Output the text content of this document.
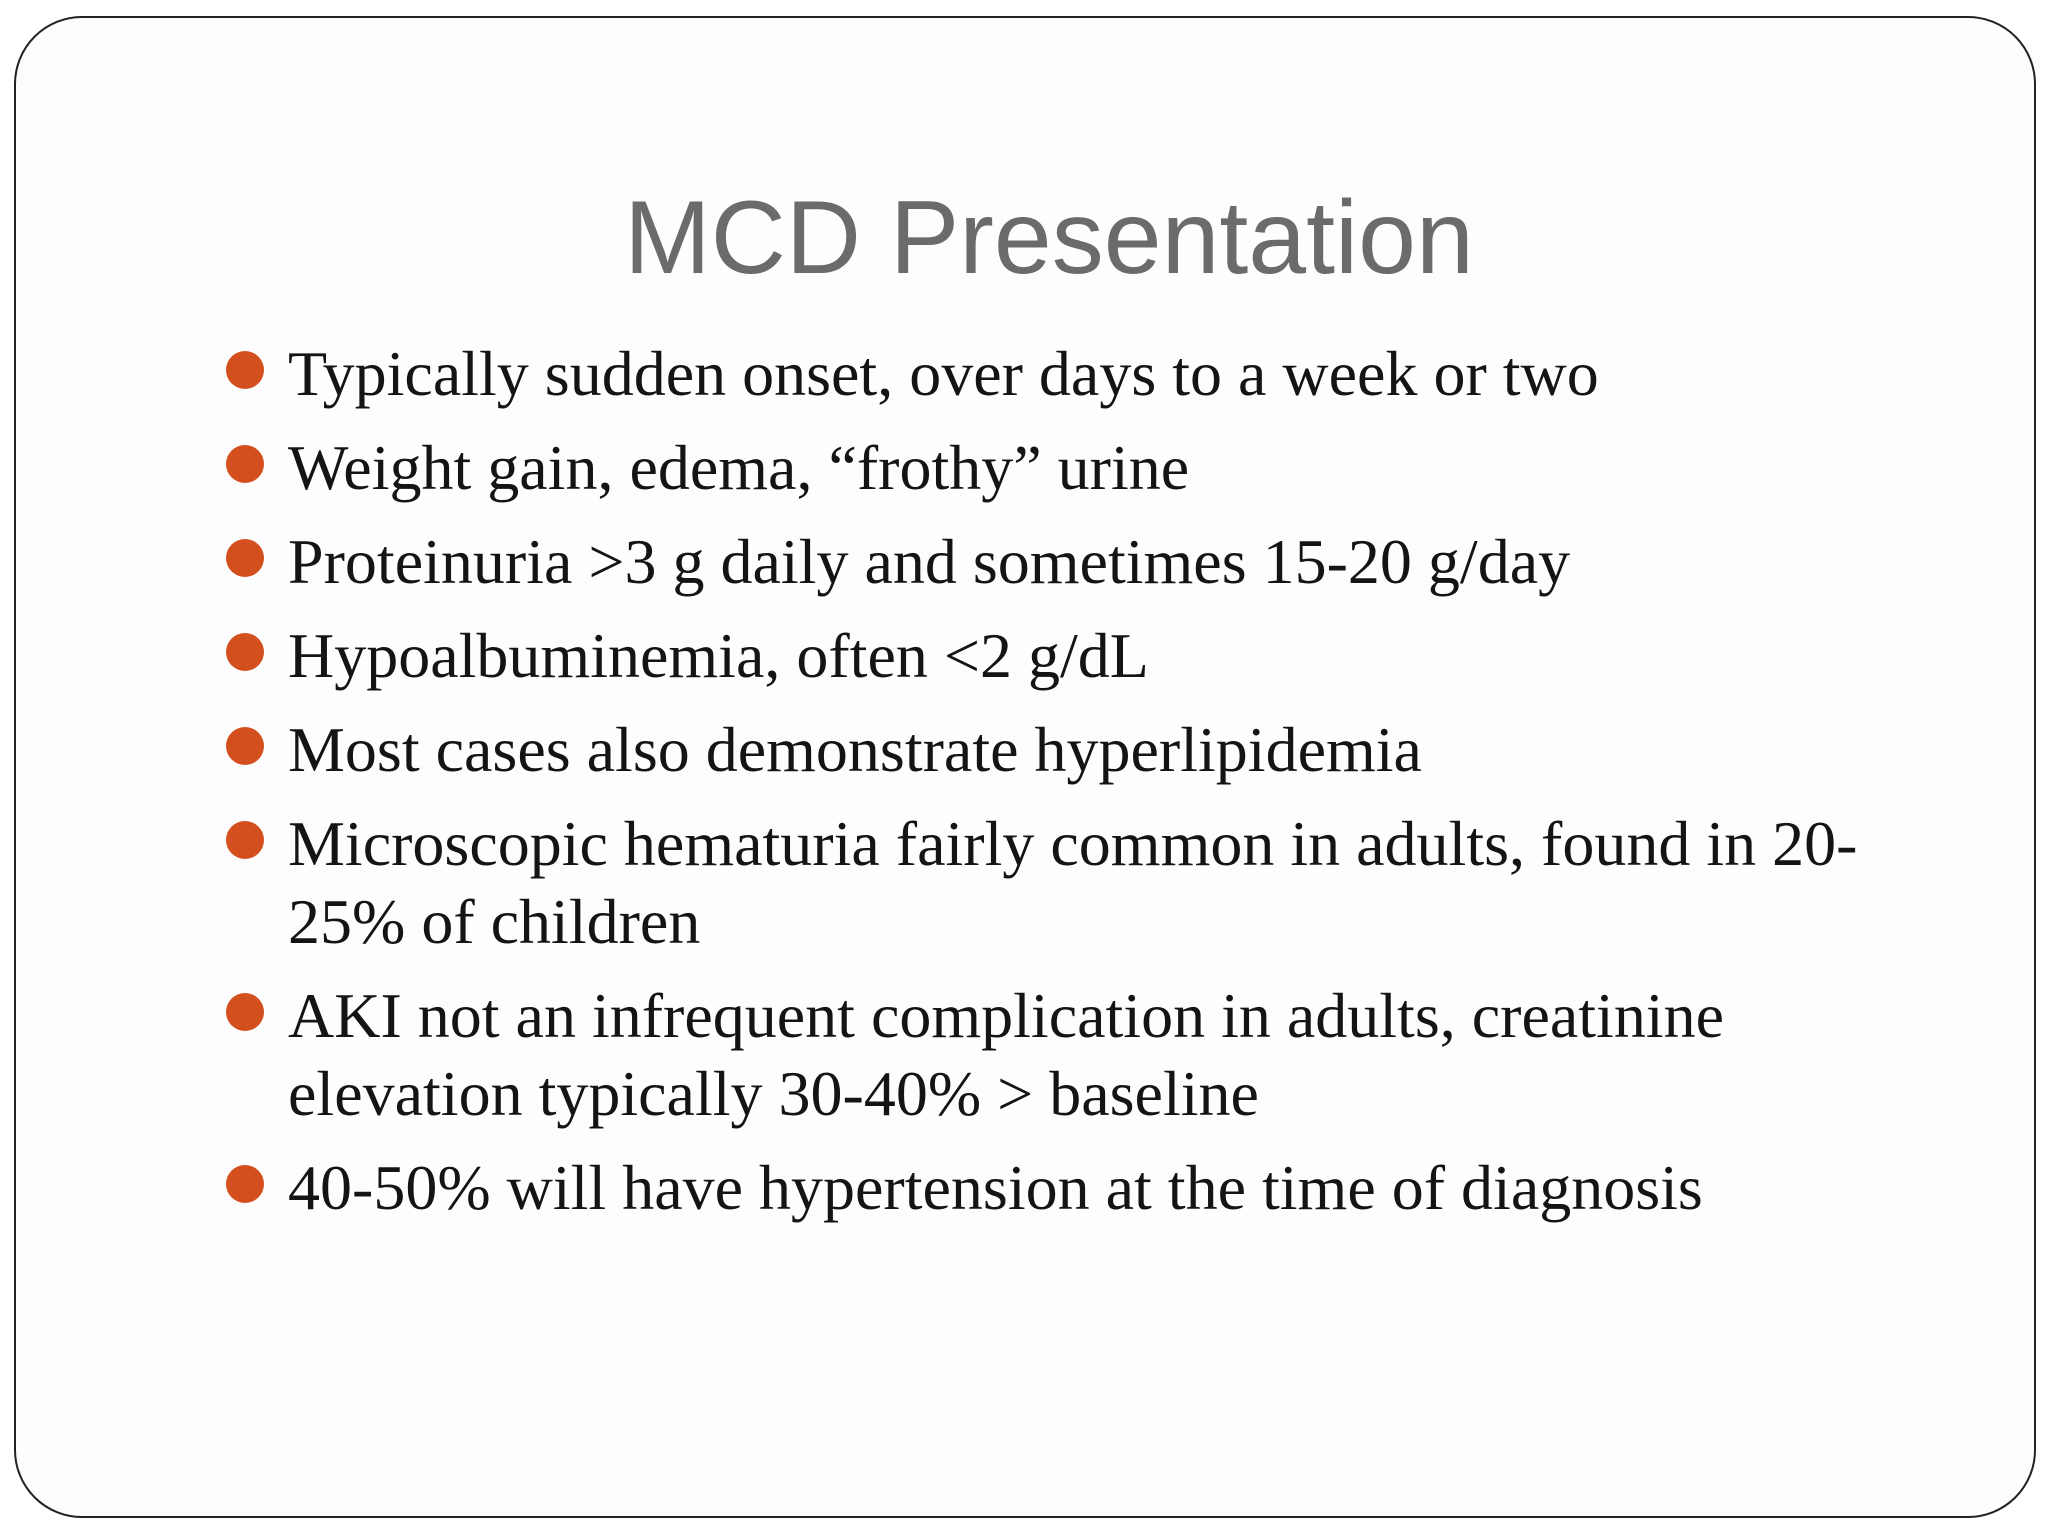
MCD Presentation
Typically sudden onset, over days to a week or two
Weight gain, edema, “frothy” urine
Proteinuria >3 g daily and sometimes 15-20 g/day
Hypoalbuminemia, often <2 g/dL
Most cases also demonstrate hyperlipidemia
Microscopic hematuria fairly common in adults, found in 20-25% of children
AKI not an infrequent complication in adults, creatinine elevation typically 30-40% > baseline
40-50% will have hypertension at the time of diagnosis
